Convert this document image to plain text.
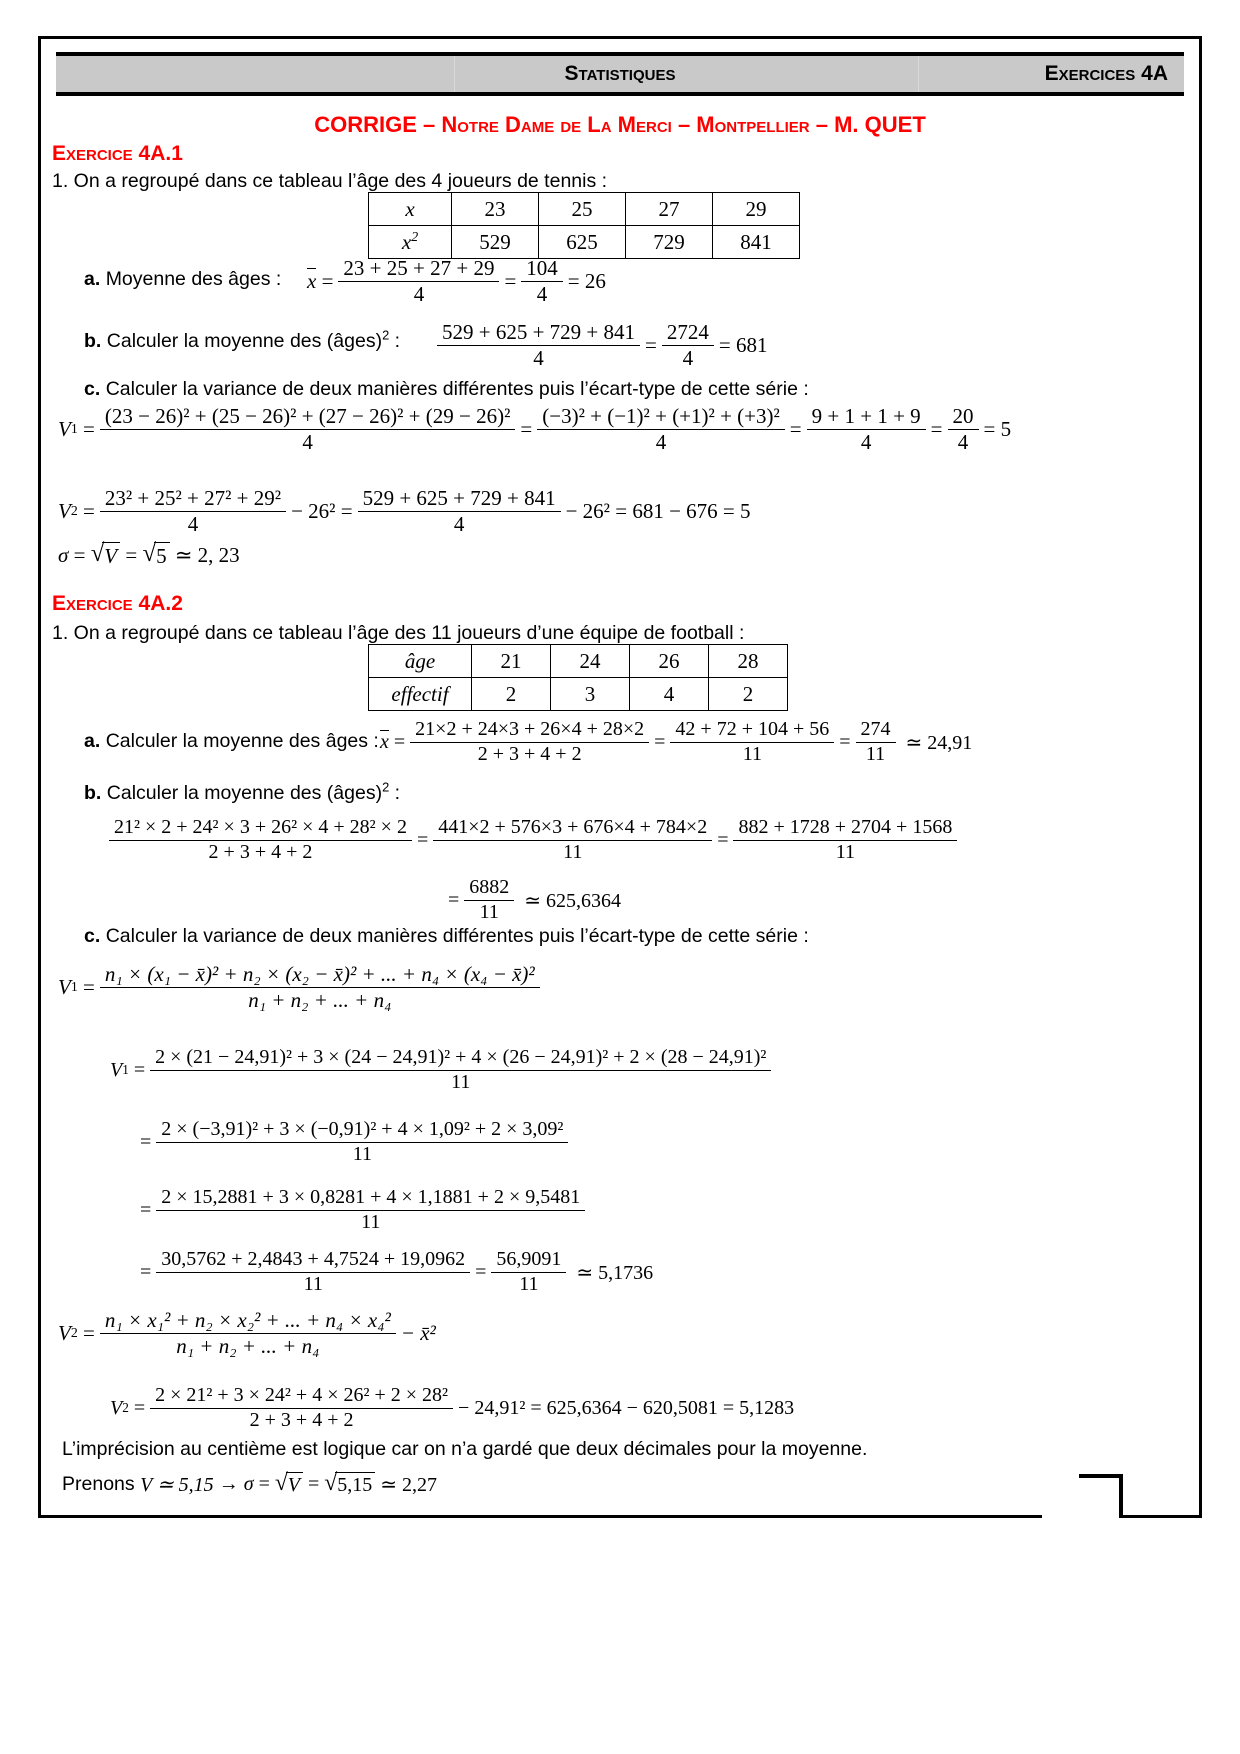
Statistiques	Exercices 4A
CORRIGE – Notre Dame de La Merci – Montpellier – M. QUET
Exercice 4A.1
1. On a regroupé dans ce tableau l’âge des 4 joueurs de tennis :
x	23	25	27	29
$x^2$	529	625	729	841
a. Moyenne des âges : $x = \frac{23 + 25 + 27 + 29}{4} = \frac{104}{4} = 26$
b. Calculer la moyenne des (âges)$^2$ : $\frac{529 + 625 + 729 + 841}{4} = \frac{2724}{4} = 681$
c. Calculer la variance de deux manières différentes puis l’écart-type de cette série :
V $1 = \frac{\text{(23 − 26)² + (25 − 26)² + (27 − 26)² + (29 − 26)²}}{4} = \frac{\text{(−3)² + (−1)² + (+1)² + (+3)²}}{4} = \frac{9 + 1 + 1 + 9}{4} = \frac{20}{4} = 5$
V $2 = \frac{\text{23² + 25² + 27² + 29²}}{4} - 26^2 = \frac{529 + 625 + 729 + 841}{4} - 26^2 = 681 - 676 = 5$
σ = √ V = √ 5
≃ 2, 23
Exercice 4A.2
1. On a regroupé dans ce tableau l’âge des 11 joueurs d’une équipe de football :
âge	21	24	26	28
effectif	2	3	4	2
a. Calculer la moyenne des âges : $x = \frac{21\times 2 + 24\times 3 + 26\times 4 + 28\times 2}{2 + 3 + 4 + 2} = \frac{42 + 72 + 104 + 56}{11} = \frac{274}{11}$
≃ 24,91
b. Calculer la moyenne des (âges)$^2$ :
$\frac{\text{21² × 2 + 24² × 3 + 26² × 4 + 28² × 2}}{2 + 3 + 4 + 2} = \frac{441\times 2 + 576\times 3 + 676\times 4 + 784\times 2}{11} = \frac{882 + 1728 + 2704 + 1568}{11}$
= $\frac{6882}{11}$
≃ 625,6364
c. Calculer la variance de deux manières différentes puis l’écart-type de cette série :
V $1 = \frac{\text{n₁ × (x₁ − x̄)² + n₂ × (x₂ − x̄)² + ... + n₄ × (x₄ − x̄)²}}{\text{n₁ + n₂ + ... + n₄}}$
V 1 =
2 × (21 − 24,91)² + 3 × (24 − 24,91)² + 4 × (26 − 24,91)² + 2 × (28 − 24,91)²
11
= $\frac{\text{2 × (−3,91)² + 3 × (−0,91)² + 4 × 1,09² + 2 × 3,09²}}{11}$
= $\frac{2 \times 15,2881 + 3 \times 0,8281 + 4 \times 1,1881 + 2 \times 9,5481}{11}$
= $\frac{30,5762 + 2,4843 + 4,7524 + 19,0962}{11} = \frac{56,9091}{11}$
≃ 5,1736
V $2 = \frac{\text{n₁ × x₁² + n₂ × x₂² + ... + n₄ × x₄²}}{\text{n₁ + n₂ + ... + n₄}}$ − x̄²
V $2 = \frac{\text{2 × 21² + 3 × 24² + 4 × 26² + 2 × 28²}}{2 + 3 + 4 + 2} - 24,91^2 = 625,6364 - 620,5081 = 5,1283$
L’imprécision au centième est logique car on n’a gardé que deux décimales pour la moyenne.
Prenons
V ≃ 5,15
→
σ = √ V = √ 5,15
≃ 2,27
